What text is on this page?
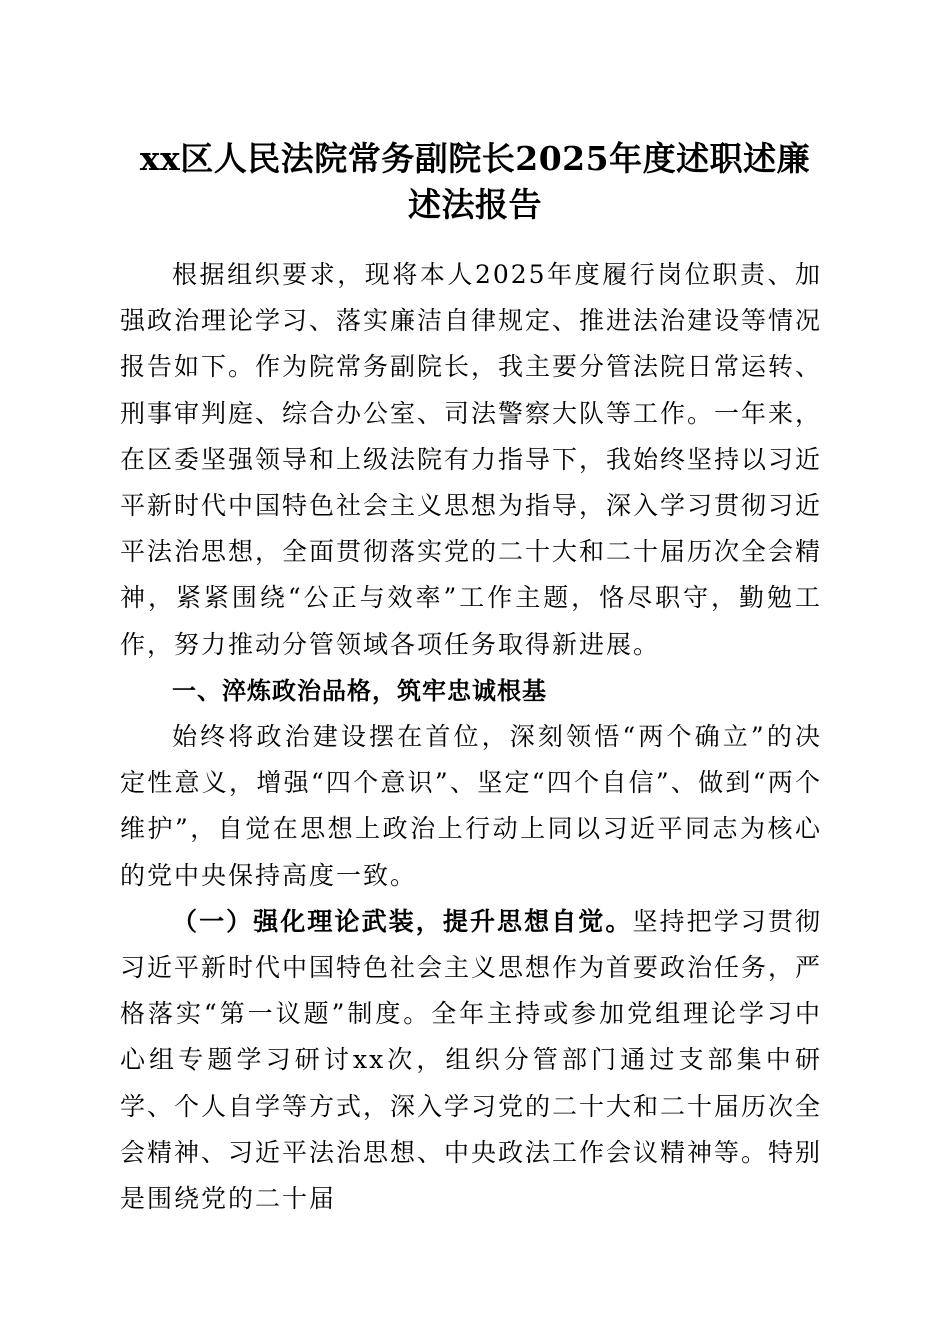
xx区人民法院常务副院长2025年度述职述廉
述法报告

根据组织要求，现将本人2025年度履行岗位职责、加强政治理论学习、落实廉洁自律规定、推进法治建设等情况报告如下。作为院常务副院长，我主要分管法院日常运转、刑事审判庭、综合办公室、司法警察大队等工作。一年来，在区委坚强领导和上级法院有力指导下，我始终坚持以习近平新时代中国特色社会主义思想为指导，深入学习贯彻习近平法治思想，全面贯彻落实党的二十大和二十届历次全会精神，紧紧围绕“公正与效率”工作主题，恪尽职守，勤勉工作，努力推动分管领域各项任务取得新进展。

一、淬炼政治品格，筑牢忠诚根基

始终将政治建设摆在首位，深刻领悟“两个确立”的决定性意义，增强“四个意识”、坚定“四个自信”、做到“两个维护”，自觉在思想上政治上行动上同以习近平同志为核心的党中央保持高度一致。

（一）强化理论武装，提升思想自觉。坚持把学习贯彻习近平新时代中国特色社会主义思想作为首要政治任务，严格落实“第一议题”制度。全年主持或参加党组理论学习中心组专题学习研讨xx次，组织分管部门通过支部集中研学、个人自学等方式，深入学习党的二十大和二十届历次全会精神、习近平法治思想、中央政法工作会议精神等。特别是围绕党的二十届
